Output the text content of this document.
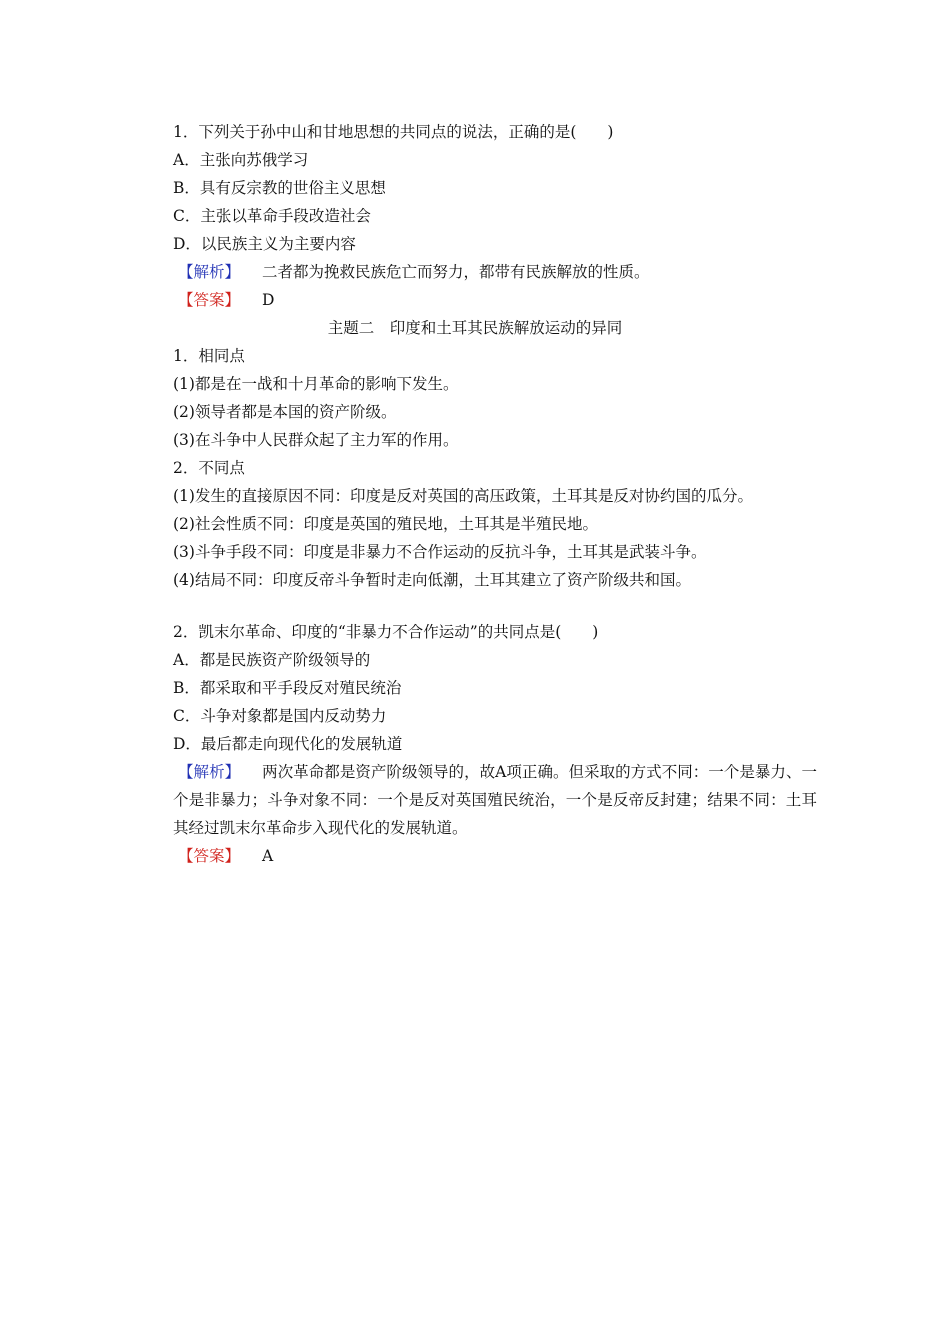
1．下列关于孙中山和甘地思想的共同点的说法，正确的是(　　)
A．主张向苏俄学习
B．具有反宗教的世俗主义思想
C．主张以革命手段改造社会
D．以民族主义为主要内容
【解析】 二者都为挽救民族危亡而努力，都带有民族解放的性质。
【答案】 D
主题二　印度和土耳其民族解放运动的异同
1．相同点
(1)都是在一战和十月革命的影响下发生。
(2)领导者都是本国的资产阶级。
(3)在斗争中人民群众起了主力军的作用。
2．不同点
(1)发生的直接原因不同：印度是反对英国的高压政策，土耳其是反对协约国的瓜分。
(2)社会性质不同：印度是英国的殖民地，土耳其是半殖民地。
(3)斗争手段不同：印度是非暴力不合作运动的反抗斗争，土耳其是武装斗争。
(4)结局不同：印度反帝斗争暂时走向低潮，土耳其建立了资产阶级共和国。
2．凯末尔革命、印度的“非暴力不合作运动”的共同点是(　　)
A．都是民族资产阶级领导的
B．都采取和平手段反对殖民统治
C．斗争对象都是国内反动势力
D．最后都走向现代化的发展轨道
【解析】 两次革命都是资产阶级领导的，故A项正确。但采取的方式不同：一个是暴力、一个是非暴力；斗争对象不同：一个是反对英国殖民统治，一个是反帝反封建；结果不同：土耳其经过凯末尔革命步入现代化的发展轨道。
【答案】 A
